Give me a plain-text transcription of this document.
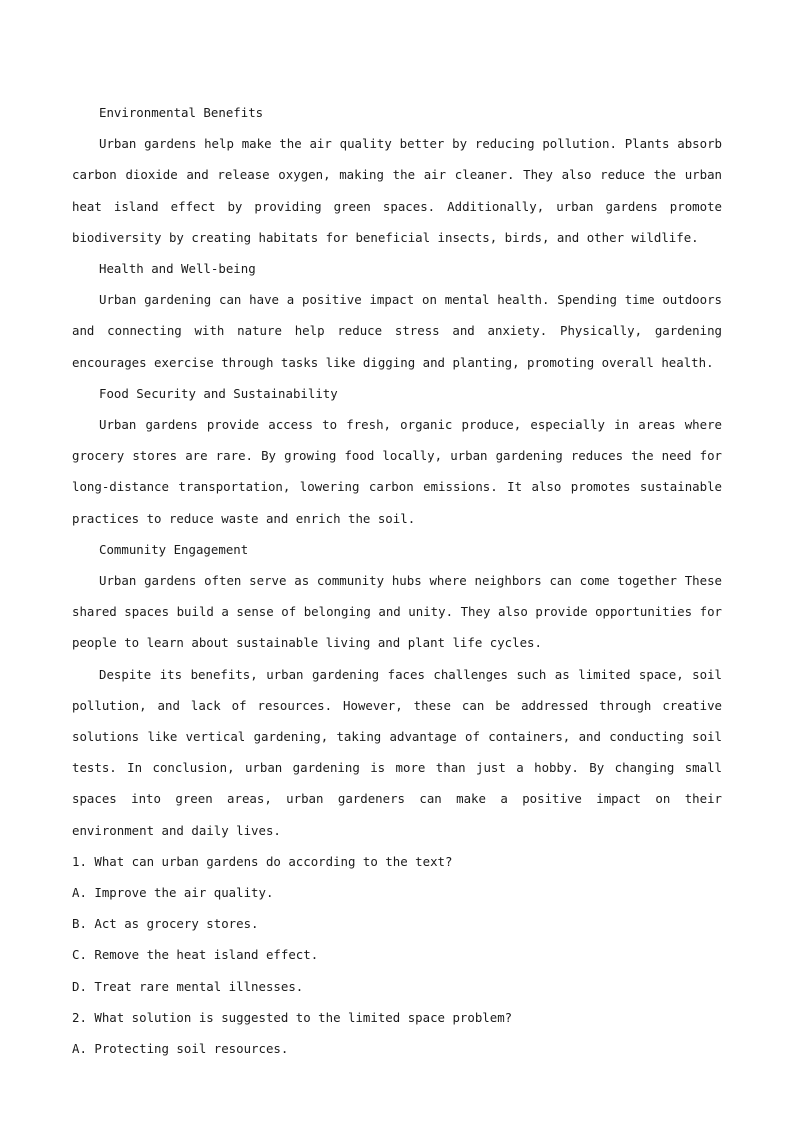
Environmental Benefits

Urban gardens help make the air quality better by reducing pollution. Plants absorb carbon dioxide and release oxygen, making the air cleaner. They also reduce the urban heat island effect by providing green spaces. Additionally, urban gardens promote biodiversity by creating habitats for beneficial insects, birds, and other wildlife.

Health and Well-being

Urban gardening can have a positive impact on mental health. Spending time outdoors and connecting with nature help reduce stress and anxiety. Physically, gardening encourages exercise through tasks like digging and planting, promoting overall health.

Food Security and Sustainability

Urban gardens provide access to fresh, organic produce, especially in areas where grocery stores are rare. By growing food locally, urban gardening reduces the need for long-distance transportation, lowering carbon emissions. It also promotes sustainable practices to reduce waste and enrich the soil.

Community Engagement

Urban gardens often serve as community hubs where neighbors can come together These shared spaces build a sense of belonging and unity. They also provide opportunities for people to learn about sustainable living and plant life cycles.

Despite its benefits, urban gardening faces challenges such as limited space, soil pollution, and lack of resources. However, these can be addressed through creative solutions like vertical gardening, taking advantage of containers, and conducting soil tests. In conclusion, urban gardening is more than just a hobby. By changing small spaces into green areas, urban gardeners can make a positive impact on their environment and daily lives.

1. What can urban gardens do according to the text?

A. Improve the air quality.

B. Act as grocery stores.

C. Remove the heat island effect.

D. Treat rare mental illnesses.

2. What solution is suggested to the limited space problem?

A. Protecting soil resources.
